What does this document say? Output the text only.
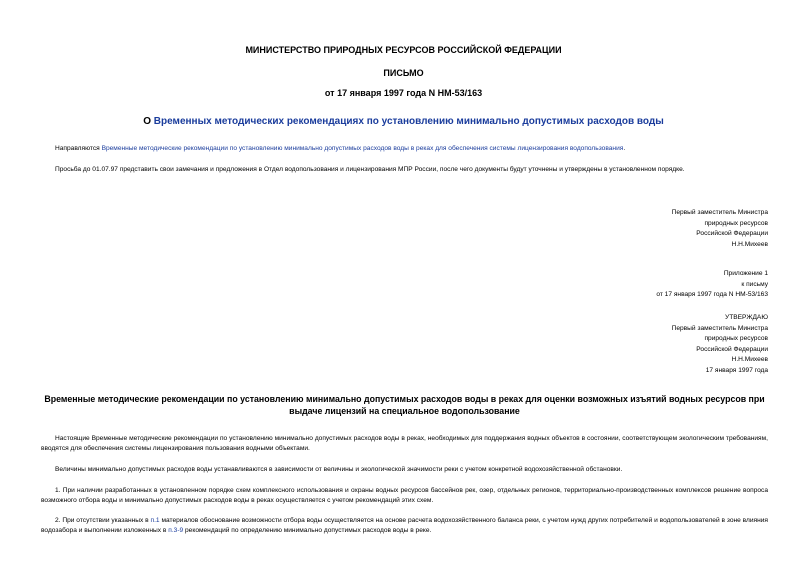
МИНИСТЕРСТВО ПРИРОДНЫХ РЕСУРСОВ РОССИЙСКОЙ ФЕДЕРАЦИИ
ПИСЬМО
от 17 января 1997 года N НМ-53/163
О Временных методических рекомендациях по установлению минимально допустимых расходов воды
Направляются Временные методические рекомендации по установлению минимально допустимых расходов воды в реках для обеспечения системы лицензирования водопользования.
Просьба до 01.07.97 представить свои замечания и предложения в Отдел водопользования и лицензирования МПР России, после чего документы будут уточнены и утверждены в установленном порядке.
Первый заместитель Министра
природных ресурсов
Российской Федерации
Н.Н.Михеев
Приложение 1
к письму
от 17 января 1997 года N НМ-53/163
УТВЕРЖДАЮ
Первый заместитель Министра
природных ресурсов
Российской Федерации
Н.Н.Михеев
17 января 1997 года
Временные методические рекомендации по установлению минимально допустимых расходов воды в реках для оценки возможных изъятий водных ресурсов при выдаче лицензий на специальное водопользование
Настоящие Временные методические рекомендации по установлению минимально допустимых расходов воды в реках, необходимых для поддержания водных объектов в состоянии, соответствующем экологическим требованиям, вводятся для обеспечения системы лицензирования пользования водными объектами.
Величины минимально допустимых расходов воды устанавливаются в зависимости от величины и экологической значимости реки с учетом конкретной водохозяйственной обстановки.
1. При наличии разработанных в установленном порядке схем комплексного использования и охраны водных ресурсов бассейнов рек, озер, отдельных регионов, территориально-производственных комплексов решение вопроса возможного отбора воды и минимально допустимых расходов воды в реках осуществляется с учетом рекомендаций этих схем.
2. При отсутствии указанных в п.1 материалов обоснование возможности отбора воды осуществляется на основе расчета водохозяйственного баланса реки, с учетом нужд других потребителей и водопользователей в зоне влияния водозабора и выполнении изложенных в п.3-9 рекомендаций по определению минимально допустимых расходов воды в реке.
